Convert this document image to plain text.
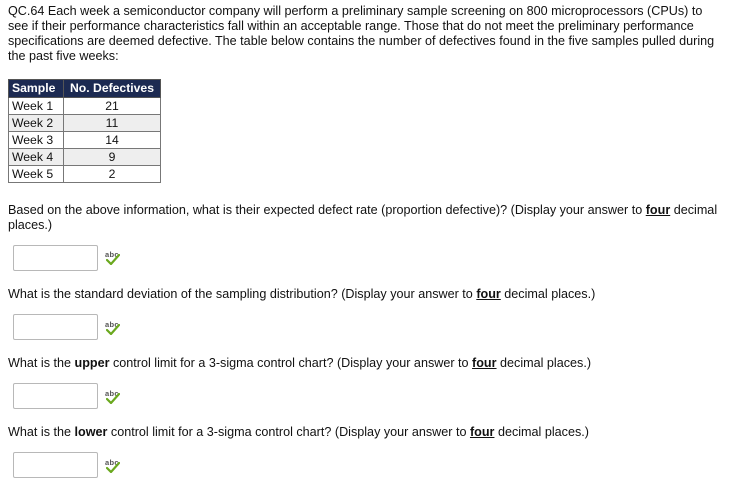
QC.64 Each week a semiconductor company will perform a preliminary sample screening on 800 microprocessors (CPUs) to see if their performance characteristics fall within an acceptable range. Those that do not meet the preliminary performance specifications are deemed defective. The table below contains the number of defectives found in the five samples pulled during the past five weeks:
Sample	No. Defectives
Week 1	21
Week 2	11
Week 3	14
Week 4	9
Week 5	2
Based on the above information, what is their expected defect rate (proportion defective)? (Display your answer to four decimal places.)
abc
What is the standard deviation of the sampling distribution? (Display your answer to four decimal places.)
abc
What is the upper control limit for a 3-sigma control chart? (Display your answer to four decimal places.)
abc
What is the lower control limit for a 3-sigma control chart? (Display your answer to four decimal places.)
abc
